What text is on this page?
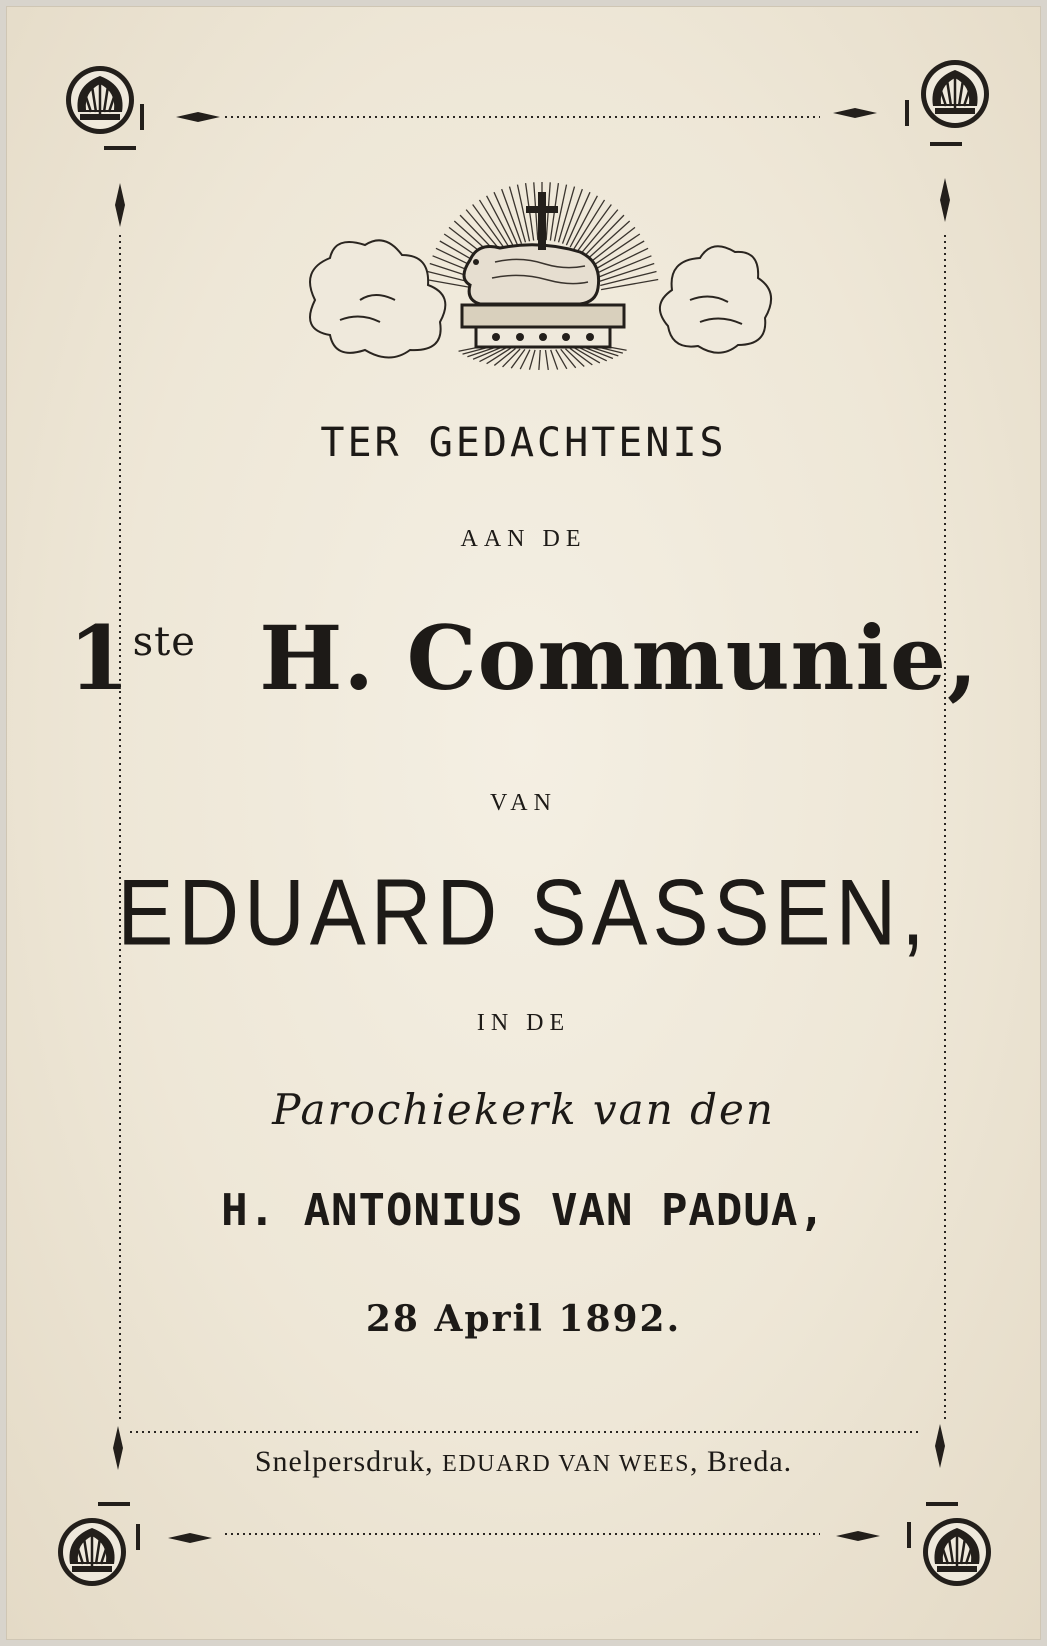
TER GEDACHTENIS
AAN DE
1ste H. Communie,
VAN
EDUARD SASSEN,
IN DE
Parochiekerk van den
H. ANTONIUS VAN PADUA,
28 April 1892.
Snelpersdruk, EDUARD VAN WEES, Breda.
